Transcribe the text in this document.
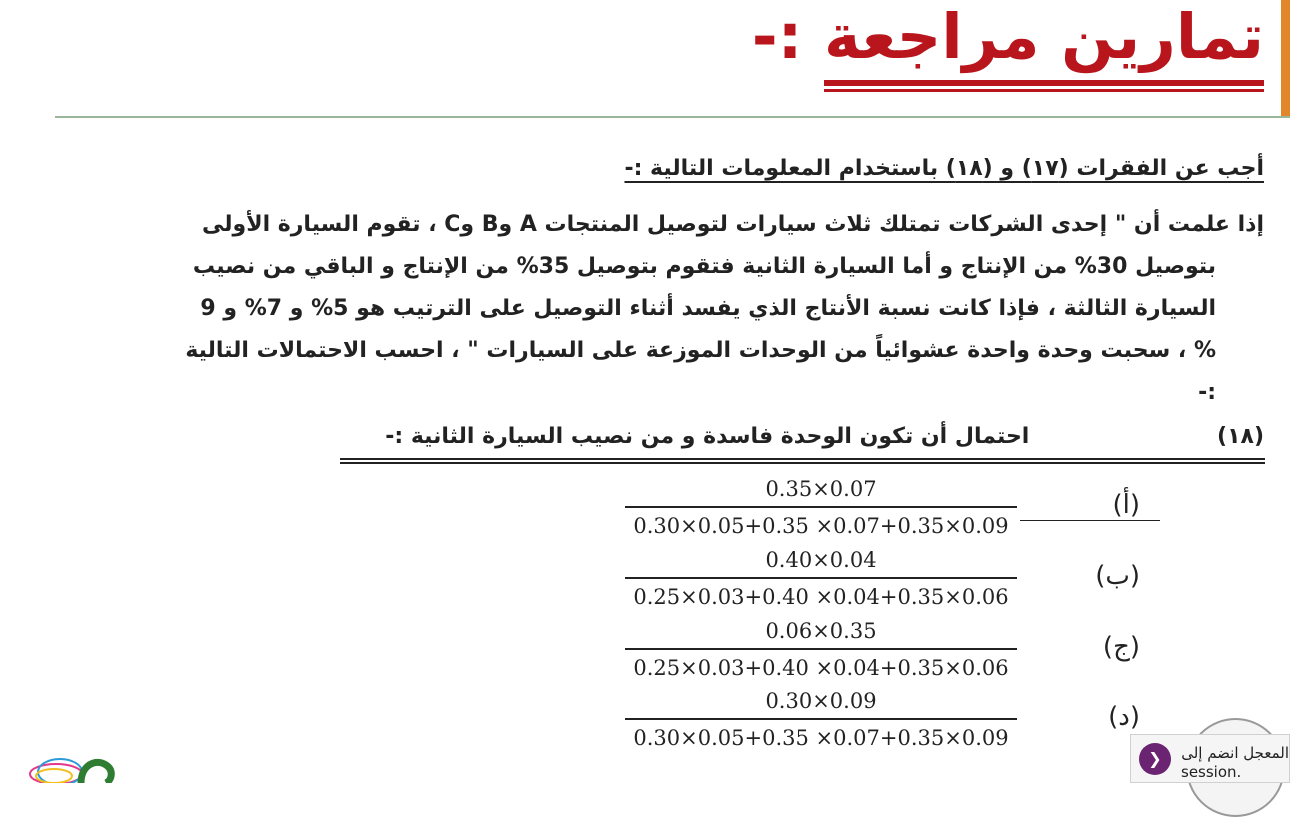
تمارين مراجعة :-
أجب عن الفقرات (١٧) و (١٨) باستخدام المعلومات التالية :-
إذا علمت أن " إحدى الشركات تمتلك ثلاث سيارات لتوصيل المنتجات A وB وC ، تقوم السيارة الأولى
بتوصيل 30% من الإنتاج و أما السيارة الثانية فتقوم بتوصيل 35% من الإنتاج و الباقي من نصيب
السيارة الثالثة ، فإذا كانت نسبة الأنتاج الذي يفسد أثناء التوصيل على الترتيب هو 5% و 7% و 9
% ، سحبت وحدة واحدة عشوائياً من الوحدات الموزعة على السيارات " ، احسب الاحتمالات التالية
:-
(١٨) احتمال أن تكون الوحدة فاسدة و من نصيب السيارة الثانية :-
0.35×0.07
0.30×0.05+0.35 ×0.07+0.35×0.09
(أ)
0.40×0.04
0.25×0.03+0.40 ×0.04+0.35×0.06
(ب)
0.06×0.35
0.25×0.03+0.40 ×0.04+0.35×0.06
(ج)
0.30×0.09
0.30×0.05+0.35 ×0.07+0.35×0.09
(د)
❯	المعجل انضم إلى
session.
